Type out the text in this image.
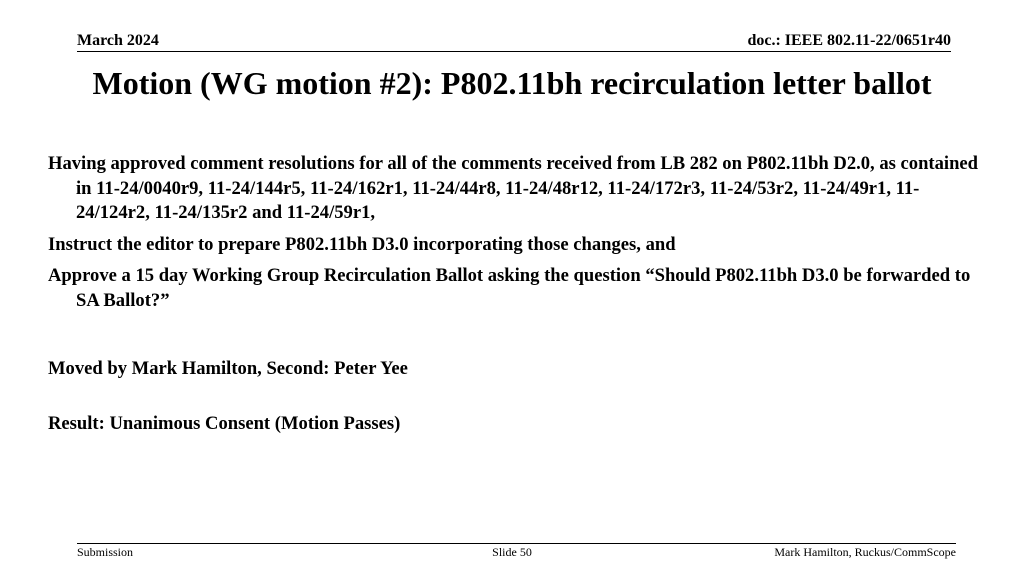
March 2024	doc.: IEEE 802.11-22/0651r40
Motion (WG motion #2): P802.11bh recirculation letter ballot

Having approved comment resolutions for all of the comments received from LB 282 on P802.11bh D2.0, as contained in 11-24/0040r9, 11-24/144r5, 11-24/162r1, 11-24/44r8, 11-24/48r12, 11-24/172r3, 11-24/53r2, 11-24/49r1, 11-24/124r2, 11-24/135r2 and 11-24/59r1,

Instruct the editor to prepare P802.11bh D3.0 incorporating those changes, and

Approve a 15 day Working Group Recirculation Ballot asking the question “Should P802.11bh D3.0 be forwarded to SA Ballot?”

Moved by Mark Hamilton, Second: Peter Yee
Result: Unanimous Consent (Motion Passes)
Submission	Slide 50	Mark Hamilton, Ruckus/CommScope
